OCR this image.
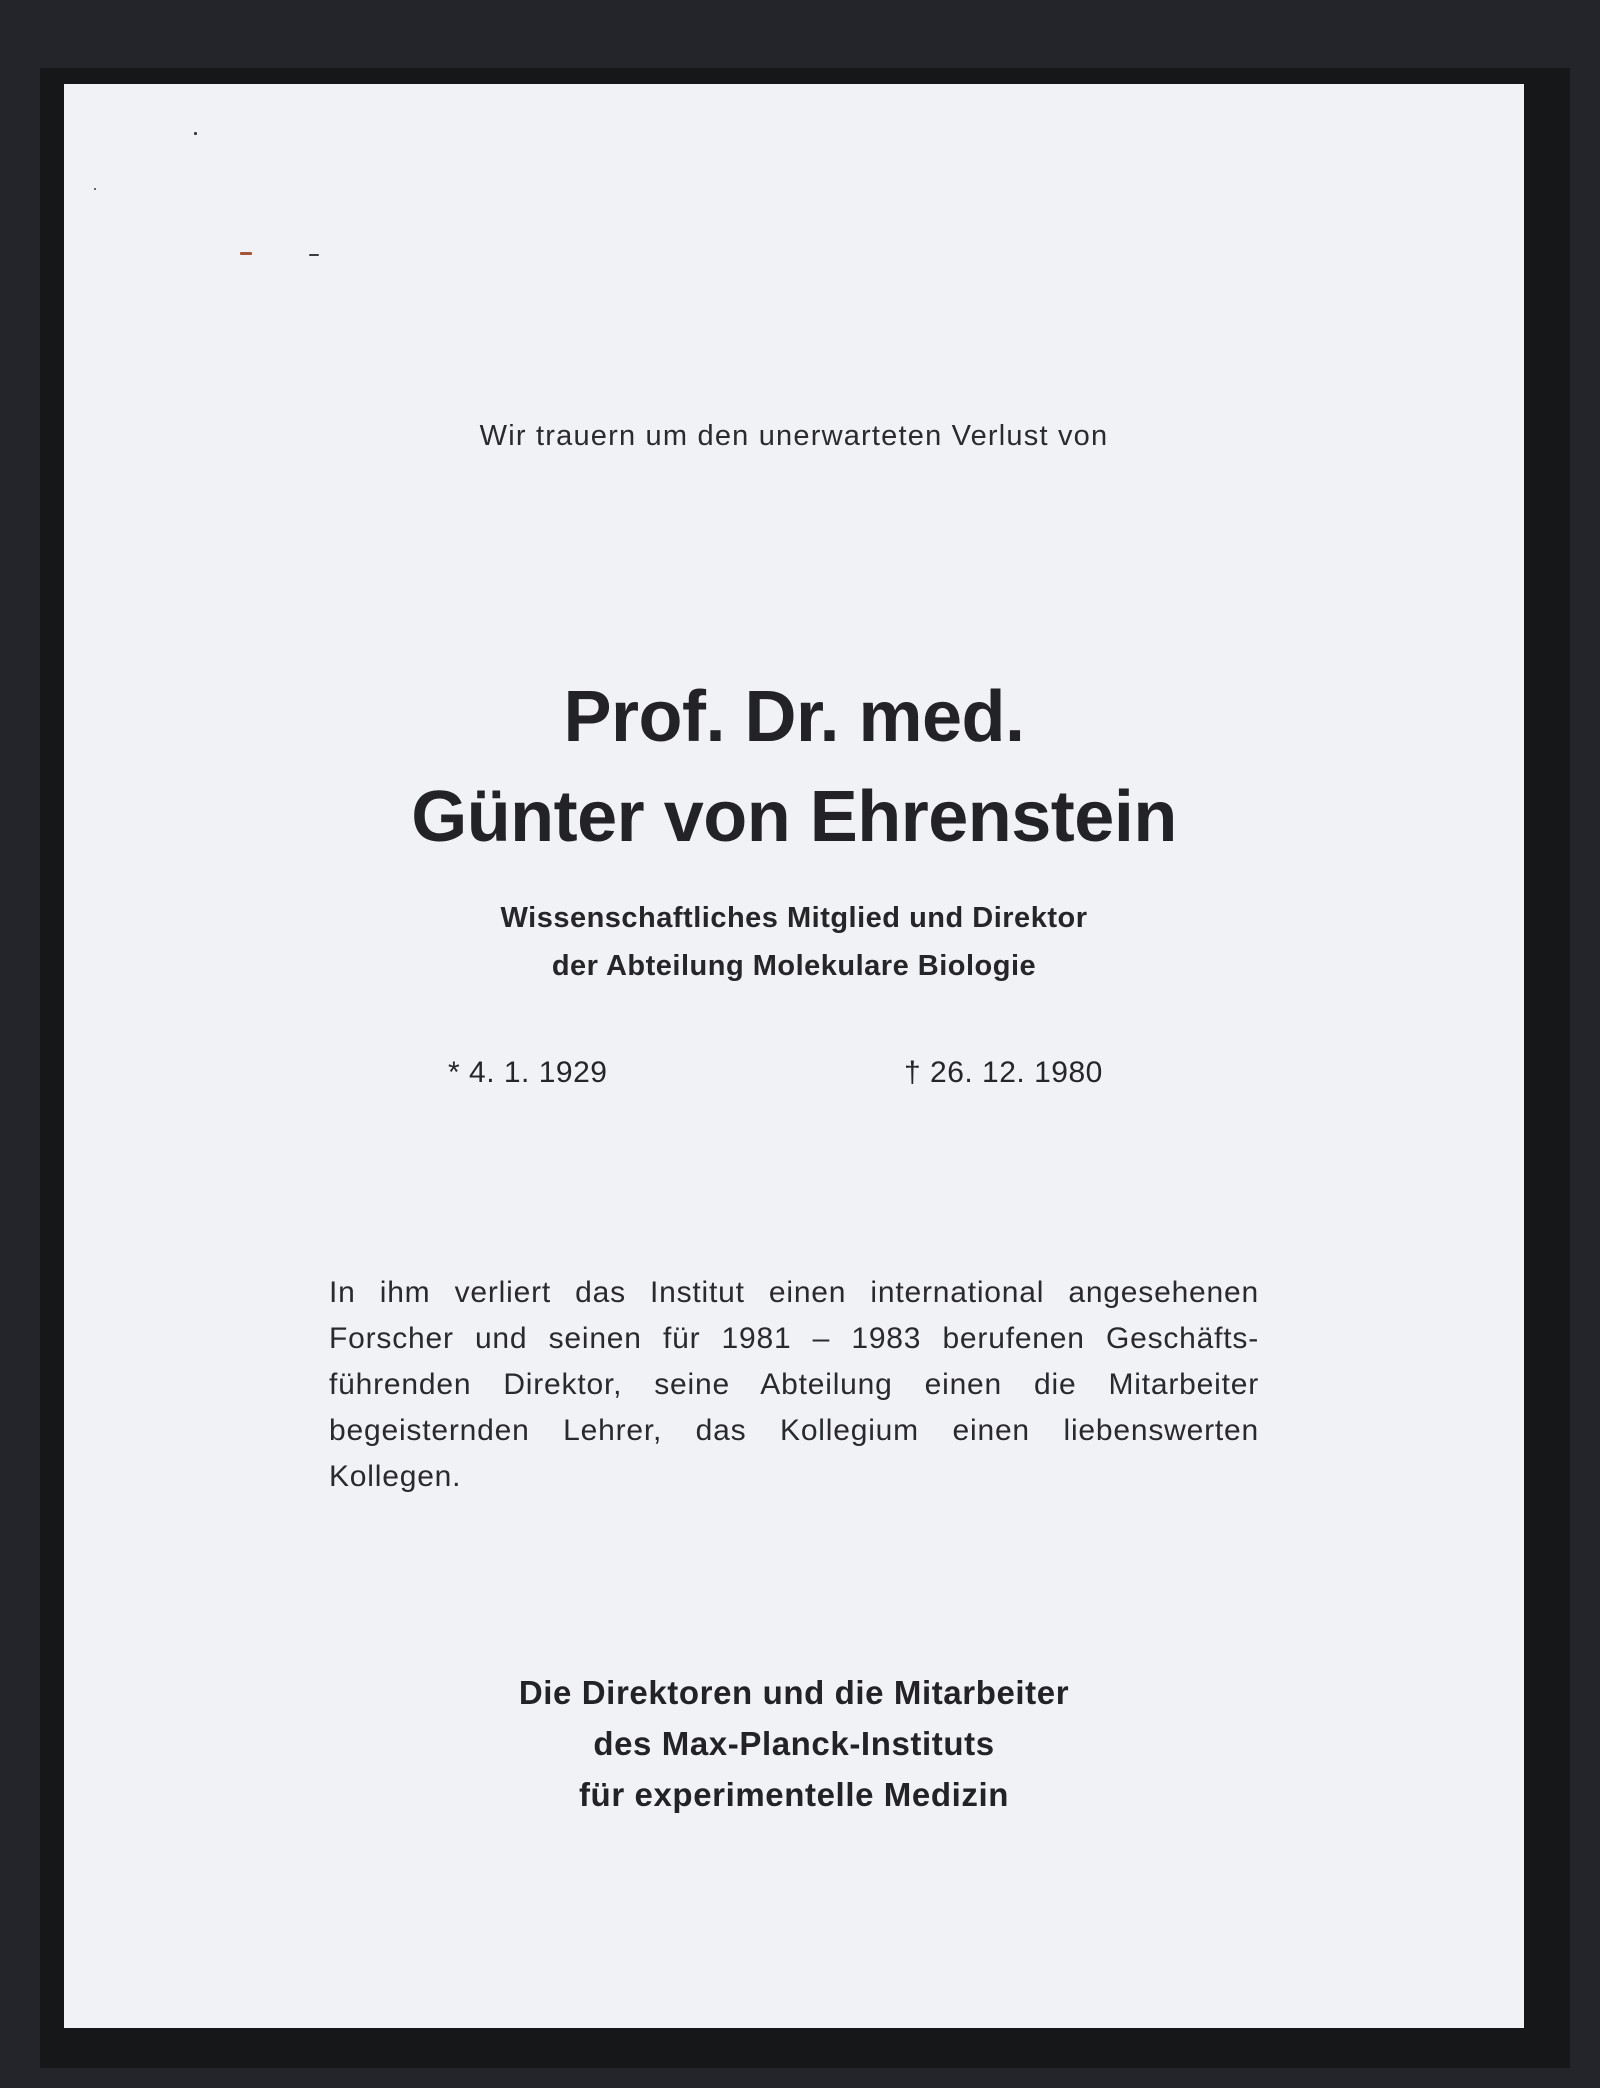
Wir trauern um den unerwarteten Verlust von
Prof. Dr. med.
Günter von Ehrenstein
Wissenschaftliches Mitglied und Direktor
der Abteilung Molekulare Biologie
* 4. 1. 1929	† 26. 12. 1980
In ihm verliert das Institut einen international angesehenen
Forscher und seinen für 1981 – 1983 berufenen Geschäfts-
führenden Direktor, seine Abteilung einen die Mitarbeiter
begeisternden Lehrer, das Kollegium einen liebenswerten
Kollegen.
Die Direktoren und die Mitarbeiter
des Max-Planck-Instituts
für experimentelle Medizin
